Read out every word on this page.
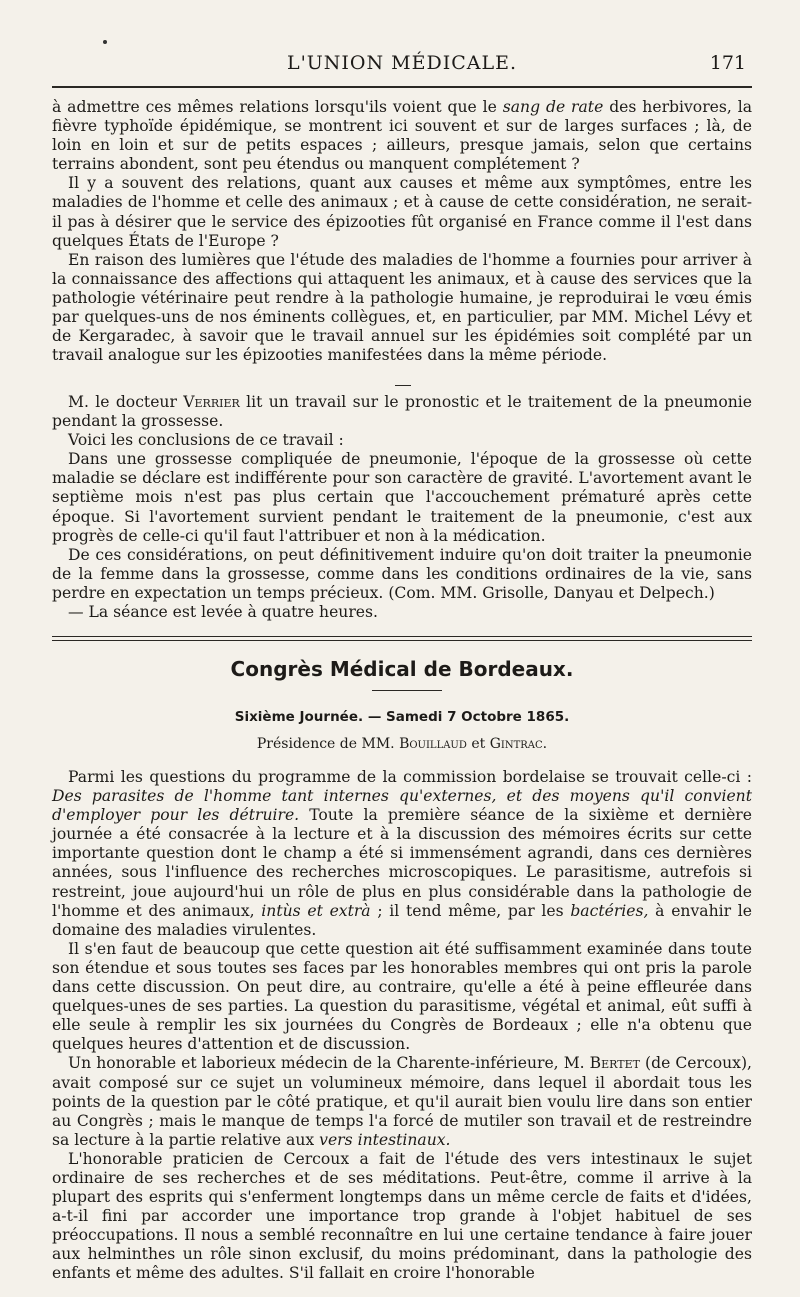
L'UNION MÉDICALE.	171

à admettre ces mêmes relations lorsqu'ils voient que le sang de rate des herbivores, la fièvre typhoïde épidémique, se montrent ici souvent et sur de larges surfaces ; là, de loin en loin et sur de petits espaces ; ailleurs, presque jamais, selon que certains terrains abondent, sont peu étendus ou manquent complétement ?

Il y a souvent des relations, quant aux causes et même aux symptômes, entre les maladies de l'homme et celle des animaux ; et à cause de cette considération, ne serait-il pas à désirer que le service des épizooties fût organisé en France comme il l'est dans quelques États de l'Europe ?

En raison des lumières que l'étude des maladies de l'homme a fournies pour arriver à la connaissance des affections qui attaquent les animaux, et à cause des services que la pathologie vétérinaire peut rendre à la pathologie humaine, je reproduirai le vœu émis par quelques-uns de nos éminents collègues, et, en particulier, par MM. Michel Lévy et de Kergaradec, à savoir que le travail annuel sur les épidémies soit complété par un travail analogue sur les épizooties manifestées dans la même période.

M. le docteur Verrier lit un travail sur le pronostic et le traitement de la pneumonie pendant la grossesse.

Voici les conclusions de ce travail :

Dans une grossesse compliquée de pneumonie, l'époque de la grossesse où cette maladie se déclare est indifférente pour son caractère de gravité. L'avortement avant le septième mois n'est pas plus certain que l'accouchement prématuré après cette époque. Si l'avortement survient pendant le traitement de la pneumonie, c'est aux progrès de celle-ci qu'il faut l'attribuer et non à la médication.

De ces considérations, on peut définitivement induire qu'on doit traiter la pneumonie de la femme dans la grossesse, comme dans les conditions ordinaires de la vie, sans perdre en expectation un temps précieux. (Com. MM. Grisolle, Danyau et Delpech.)

— La séance est levée à quatre heures.

Congrès Médical de Bordeaux.
Sixième Journée. — Samedi 7 Octobre 1865.
Présidence de MM. Bouillaud et Gintrac.

Parmi les questions du programme de la commission bordelaise se trouvait celle-ci : Des parasites de l'homme tant internes qu'externes, et des moyens qu'il convient d'employer pour les détruire. Toute la première séance de la sixième et dernière journée a été consacrée à la lecture et à la discussion des mémoires écrits sur cette importante question dont le champ a été si immensément agrandi, dans ces dernières années, sous l'influence des recherches microscopiques. Le parasitisme, autrefois si restreint, joue aujourd'hui un rôle de plus en plus considérable dans la pathologie de l'homme et des animaux, intùs et extrà ; il tend même, par les bactéries, à envahir le domaine des maladies virulentes.

Il s'en faut de beaucoup que cette question ait été suffisamment examinée dans toute son étendue et sous toutes ses faces par les honorables membres qui ont pris la parole dans cette discussion. On peut dire, au contraire, qu'elle a été à peine effleurée dans quelques-unes de ses parties. La question du parasitisme, végétal et animal, eût suffi à elle seule à remplir les six journées du Congrès de Bordeaux ; elle n'a obtenu que quelques heures d'attention et de discussion.

Un honorable et laborieux médecin de la Charente-inférieure, M. Bertet (de Cercoux), avait composé sur ce sujet un volumineux mémoire, dans lequel il abordait tous les points de la question par le côté pratique, et qu'il aurait bien voulu lire dans son entier au Congrès ; mais le manque de temps l'a forcé de mutiler son travail et de restreindre sa lecture à la partie relative aux vers intestinaux.

L'honorable praticien de Cercoux a fait de l'étude des vers intestinaux le sujet ordinaire de ses recherches et de ses méditations. Peut-être, comme il arrive à la plupart des esprits qui s'enferment longtemps dans un même cercle de faits et d'idées, a-t-il fini par accorder une importance trop grande à l'objet habituel de ses préoccupations. Il nous a semblé reconnaître en lui une certaine tendance à faire jouer aux helminthes un rôle sinon exclusif, du moins prédominant, dans la pathologie des enfants et même des adultes. S'il fallait en croire l'honorable
